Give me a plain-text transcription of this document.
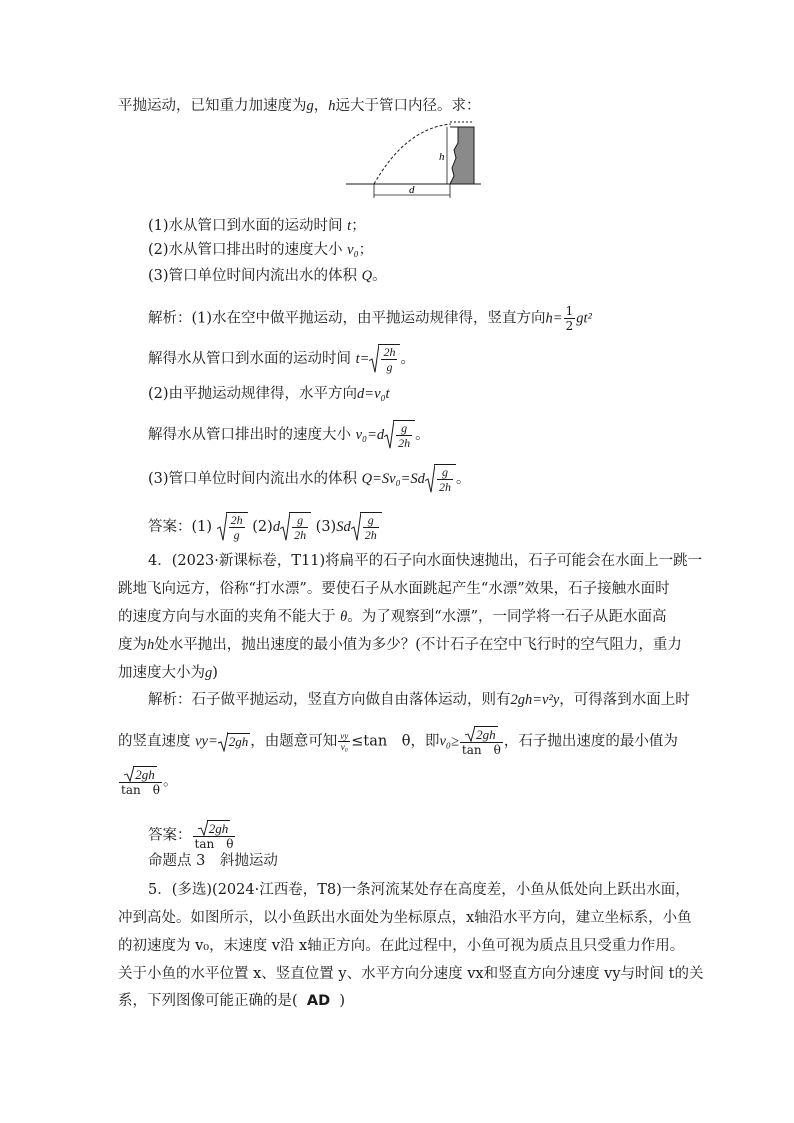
平抛运动，已知重力加速度为g，h远大于管口内径。求：
h
d
(1)水从管口到水面的运动时间 t；
(2)水从管口排出时的速度大小 v₀；
(3)管口单位时间内流出水的体积 Q。
解析：(1)水在空中做平抛运动，由平抛运动规律得，竖直方向$h= \frac{1}{2} gt^2$
解得水从管口到水面的运动时间 $t= \frac{2h}{g}$ 。
(2)由平抛运动规律得，水平方向d=v₀t
解得水从管口排出时的速度大小 $v_0=d \frac{g}{2h}$ 。
(3)管口单位时间内流出水的体积 $Q=Sv_0=Sd \frac{g}{2h}$ 。
答案：$(1) \frac{2h}{g} (2)d \frac{g}{2h} (3)Sd \frac{g}{2h}$
4．(2023·新课标卷，T11)将扁平的石子向水面快速抛出，石子可能会在水面上一跳一
跳地飞向远方，俗称“打水漂”。要使石子从水面跳起产生“水漂”效果，石子接触水面时
的速度方向与水面的夹角不能大于 θ。为了观察到“水漂”，一同学将一石子从距水面高
度为h处水平抛出，抛出速度的最小值为多少？(不计石子在空中飞行时的空气阻力，重力
加速度大小为g)
解析：石子做平抛运动，竖直方向做自由落体运动，则有2gh=v²y，可得落到水面上时
的竖直速度 vy= 2gh ，由题意可知 $\frac{vy}{\text{v₀}} \le\tan$　θ，即$v_0\ge \frac{2gh}{\text{tan　θ}}$ ，石子抛出速度的最小值为
$\frac{2gh}{\text{tan　θ}}$ 。
答案： $\frac{2gh}{\text{tan　θ}}$
命题点 3　斜抛运动
5．(多选)(2024·江西卷，T8)一条河流某处存在高度差，小鱼从低处向上跃出水面，
冲到高处。如图所示，以小鱼跃出水面处为坐标原点，x轴沿水平方向，建立坐标系，小鱼
的初速度为 v₀，末速度 v沿 x轴正方向。在此过程中，小鱼可视为质点且只受重力作用。
关于小鱼的水平位置 x、竖直位置 y、水平方向分速度 vx和竖直方向分速度 vy与时间 t的关
系，下列图像可能正确的是( AD )
